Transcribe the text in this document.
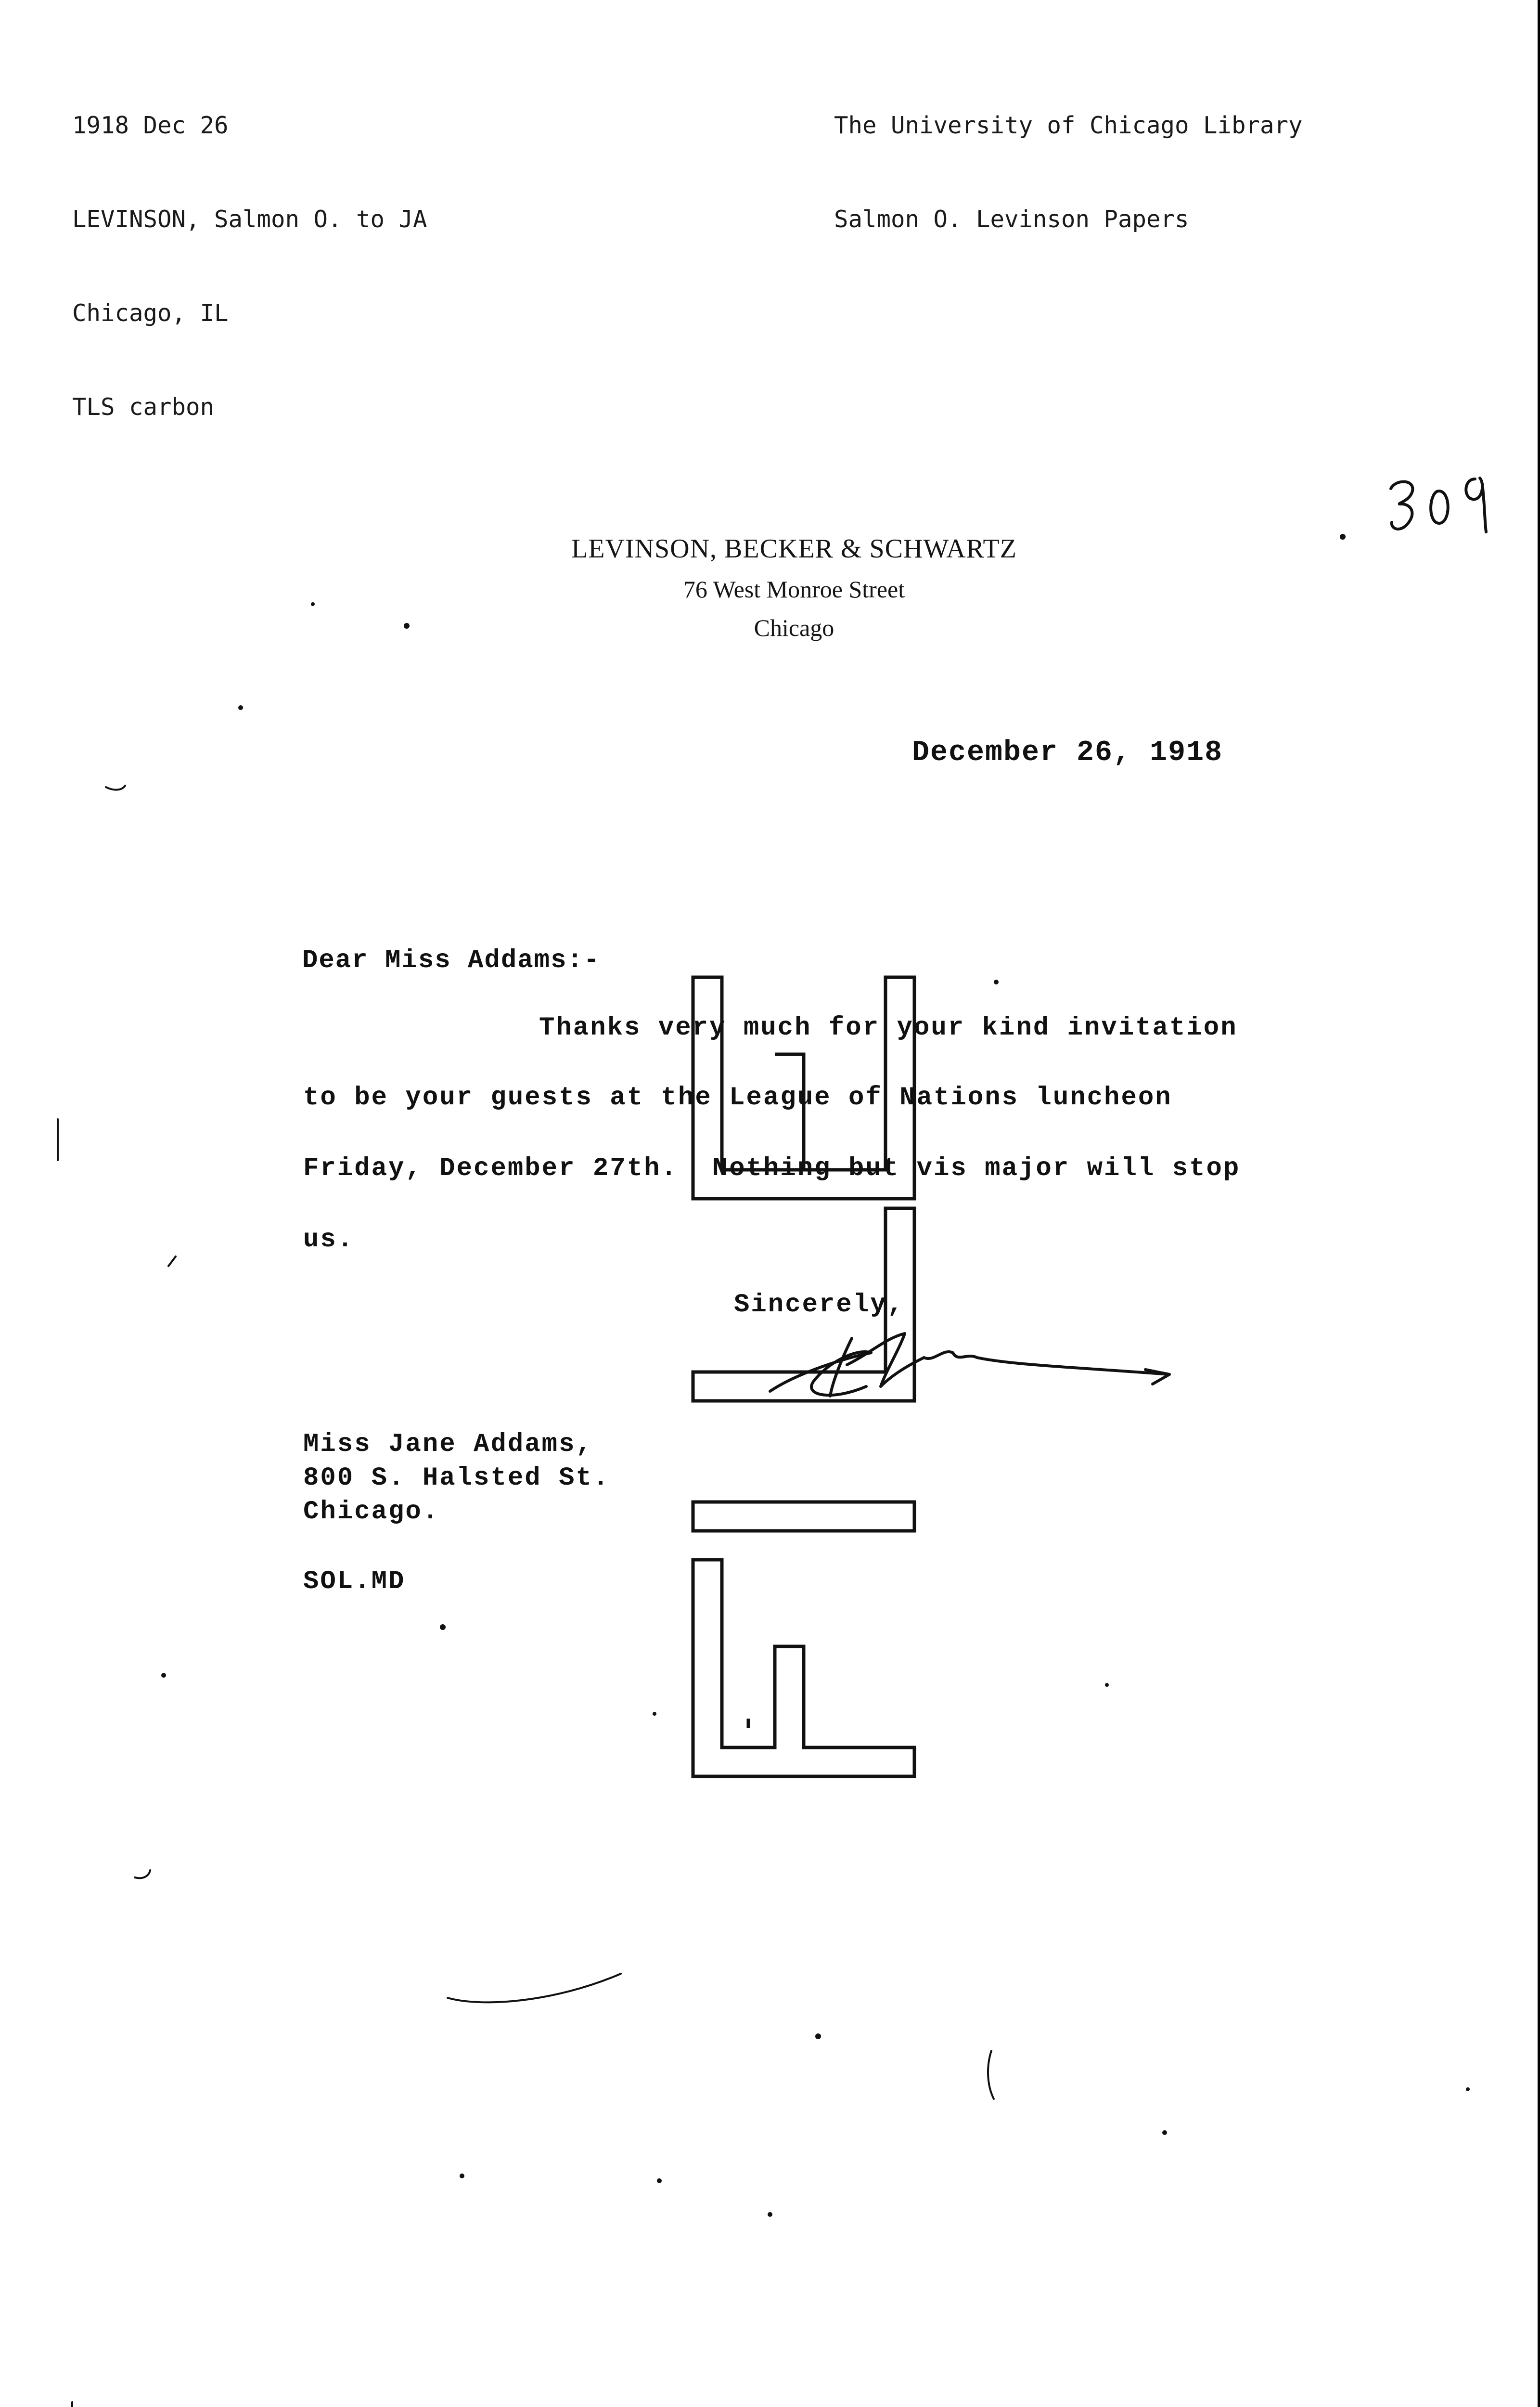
1918 Dec 26

LEVINSON, Salmon O. to JA

Chicago, IL

TLS carbon

The University of Chicago Library

Salmon O. Levinson Papers

LEVINSON, BECKER & SCHWARTZ
76 West Monroe Street
Chicago
December 26, 1918
Dear Miss Addams:-
Thanks very much for your kind invitation
to be your guests at the League of Nations luncheon
Friday, December 27th.  Nothing but vis major will stop
us.
Sincerely,
Miss Jane Addams,
800 S. Halsted St.
Chicago.
SOL.MD
